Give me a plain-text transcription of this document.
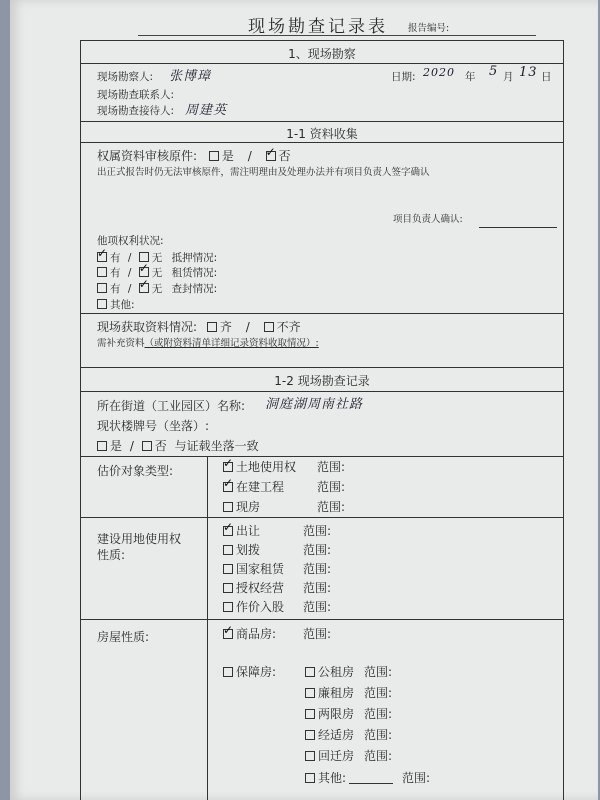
现场勘查记录表 报告编号:
1、现场勘察
现场勘察人: 张博璋	日期: 2020 年 5 月 13 日
现场勘查联系人:
现场勘查接待人: 周建英
1-1 资料收集
权属资料审核原件: 是 / ✓ 否
出正式报告时仍无法审核原件，需注明理由及处理办法并有项目负责人签字确认
项目负责人确认:
他项权利状况:
✓有 / 无 抵押情况:
有 / ✓ 无 租赁情况:
有 / ✓ 无 查封情况:
其他:
现场获取资料情况: 齐 / 不齐
需补充资料（或附资料清单详细记录资料收取情况）:
1-2 现场勘查记录
所在街道（工业园区）名称: 洞庭湖周南社路
现状楼牌号（坐落）:
是 / 否 与证载坐落一致
估价对象类型: ✓	土地使用权 范围:
✓在建工程	范围:
现房	范围:
建设用地使用权
性质:
✓出让	范围:
划拨	范围:
国家租赁 范围:
授权经营 范围:
作价入股 范围:
房屋性质: ✓	商品房: 范围:
保障房:	公租房 范围:
廉租房 范围:
两限房 范围:
经适房 范围:
回迁房 范围:
其他:	范围:
